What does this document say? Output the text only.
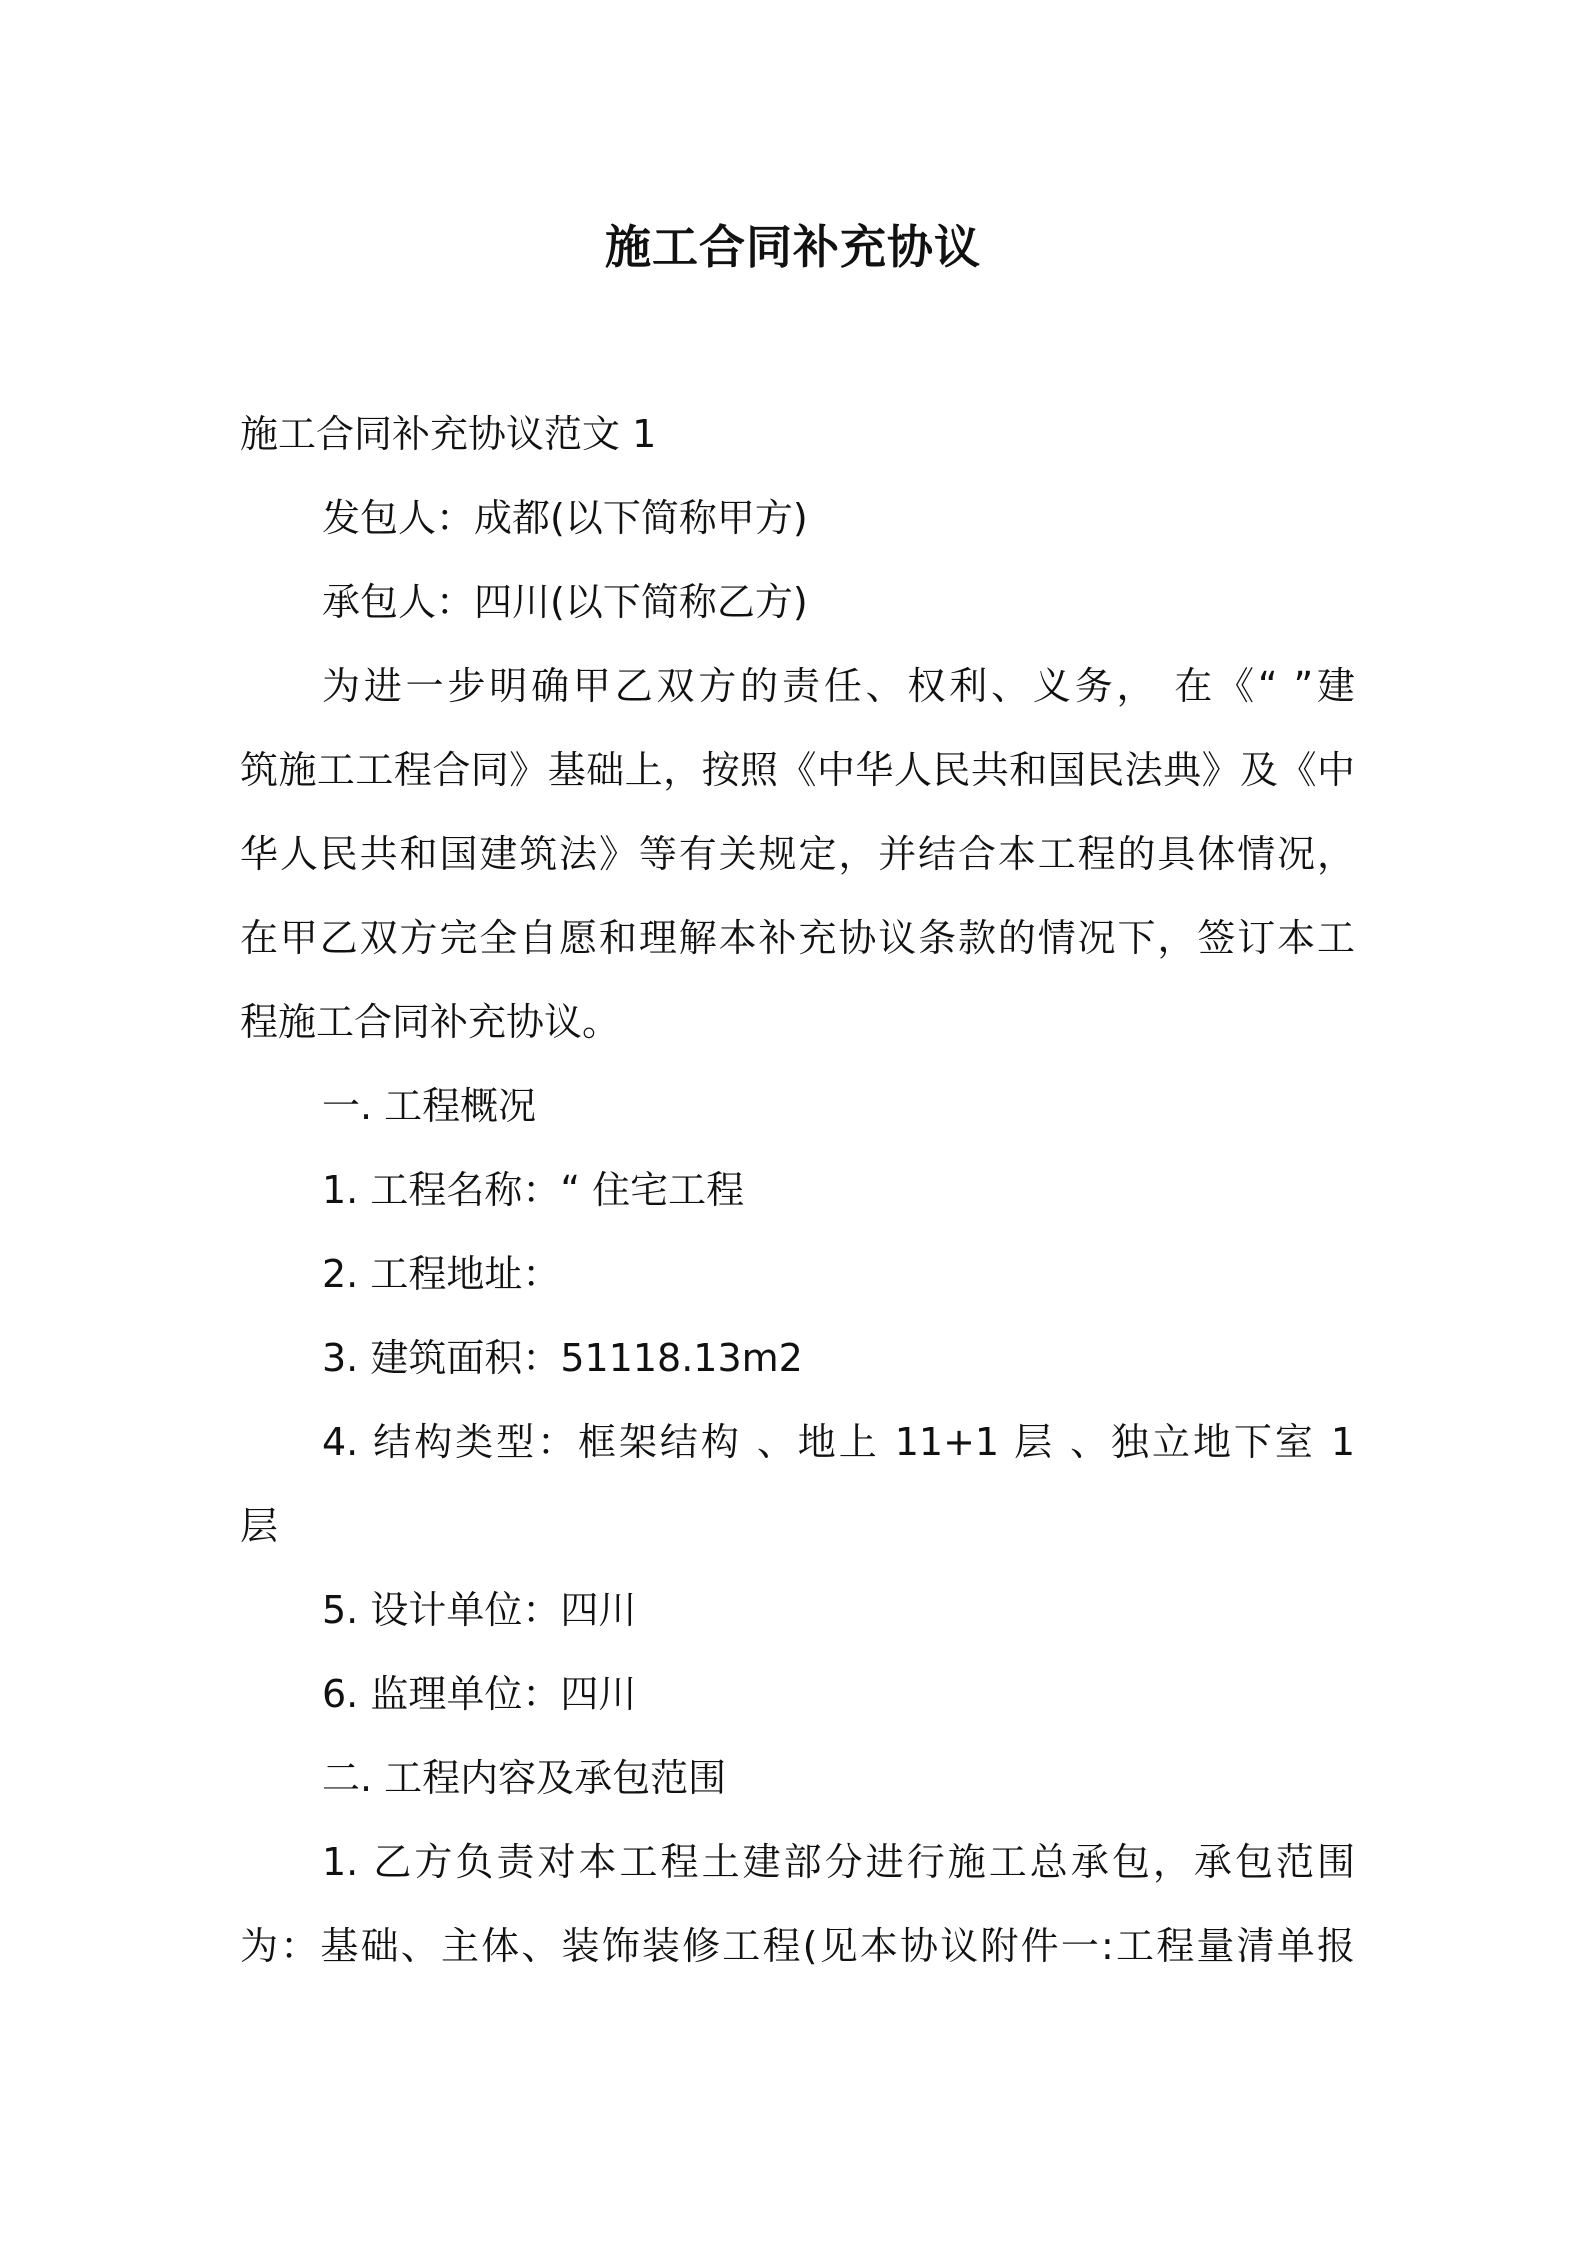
施工合同补充协议

施工合同补充协议范文 1

发包人：成都(以下简称甲方)

承包人：四川(以下简称乙方)

为进一步明确甲乙双方的责任、权利、义务， 在《“ ”建

筑施工工程合同》基础上，按照《中华人民共和国民法典》及《中

华人民共和国建筑法》等有关规定，并结合本工程的具体情况，

在甲乙双方完全自愿和理解本补充协议条款的情况下，签订本工

程施工合同补充协议。

一. 工程概况

1. 工程名称：“ 住宅工程

2. 工程地址：

3. 建筑面积：51118.13m2

4. 结构类型：框架结构 、地上 11+1 层 、独立地下室 1

层

5. 设计单位：四川

6. 监理单位：四川

二. 工程内容及承包范围

1. 乙方负责对本工程土建部分进行施工总承包，承包范围

为：基础、主体、装饰装修工程(见本协议附件一:工程量清单报
